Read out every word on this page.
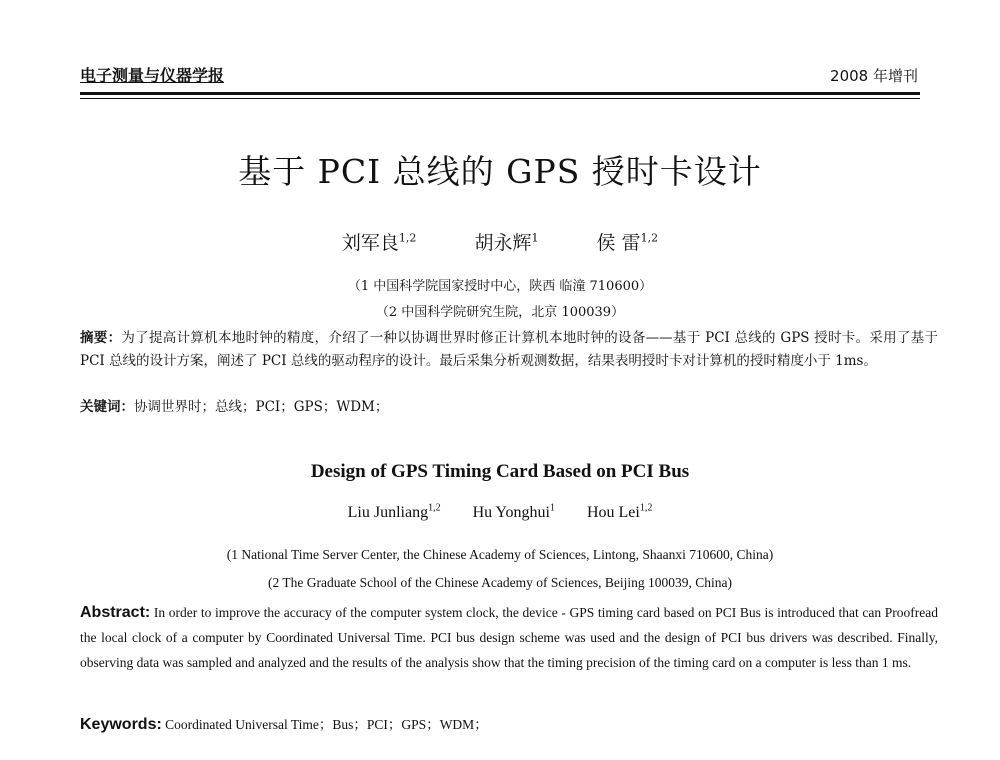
电子测量与仪器学报	2008 年增刊
基于 PCI 总线的 GPS 授时卡设计
刘军良$^{1,2}$	胡永辉$^1$	侯 雷$^{1,2}$
（1 中国科学院国家授时中心，陕西 临潼 710600）
（2 中国科学院研究生院，北京 100039）
摘要：为了提高计算机本地时钟的精度，介绍了一种以协调世界时修正计算机本地时钟的设备——基于 PCI 总线的 GPS 授时卡。采用了基于 PCI 总线的设计方案，阐述了 PCI 总线的驱动程序的设计。最后采集分析观测数据，结果表明授时卡对计算机的授时精度小于 1ms。
关键词：协调世界时；总线；PCI；GPS；WDM；
Design of GPS Timing Card Based on PCI Bus
Liu Junliang$^{1,2}$ Hu Yonghui$^1$ Hou Lei$^{1,2}$
(1 National Time Server Center, the Chinese Academy of Sciences, Lintong, Shaanxi 710600, China)
(2 The Graduate School of the Chinese Academy of Sciences, Beijing 100039, China)
Abstract: In order to improve the accuracy of the computer system clock, the device - GPS timing card based on PCI Bus is introduced that can Proofread the local clock of a computer by Coordinated Universal Time. PCI bus design scheme was used and the design of PCI bus drivers was described. Finally, observing data was sampled and analyzed and the results of the analysis show that the timing precision of the timing card on a computer is less than 1 ms.
Keywords: Coordinated Universal Time；Bus；PCI；GPS；WDM；
